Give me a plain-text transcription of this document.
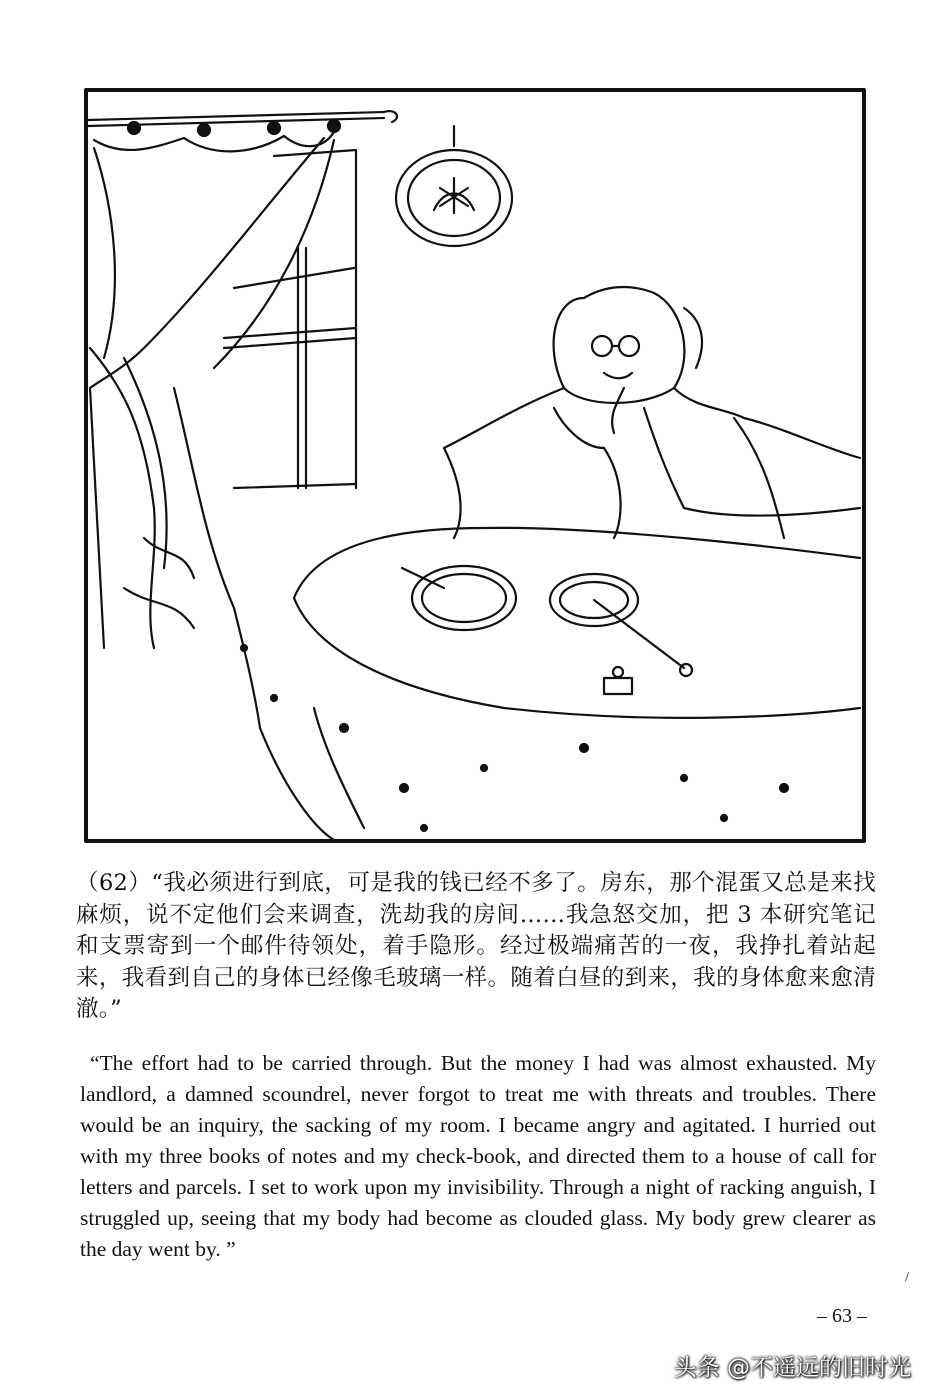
（62）“我必须进行到底，可是我的钱已经不多了。房东，那个混蛋又总是来找麻烦，说不定他们会来调查，洗劫我的房间……我急怒交加，把 3 本研究笔记和支票寄到一个邮件待领处，着手隐形。经过极端痛苦的一夜，我挣扎着站起来，我看到自己的身体已经像毛玻璃一样。随着白昼的到来，我的身体愈来愈清澈。”
“The effort had to be carried through. But the money I had was almost exhausted. My landlord, a damned scoundrel, never forgot to treat me with threats and troubles. There would be an inquiry, the sacking of my room. I became angry and agitated. I hurried out with my three books of notes and my check-book, and directed them to a house of call for letters and parcels. I set to work upon my invisibility. Through a night of racking anguish, I struggled up, seeing that my body had become as clouded glass. My body grew clearer as the day went by. ”
/
– 63 –
头条 @不遥远的旧时光
